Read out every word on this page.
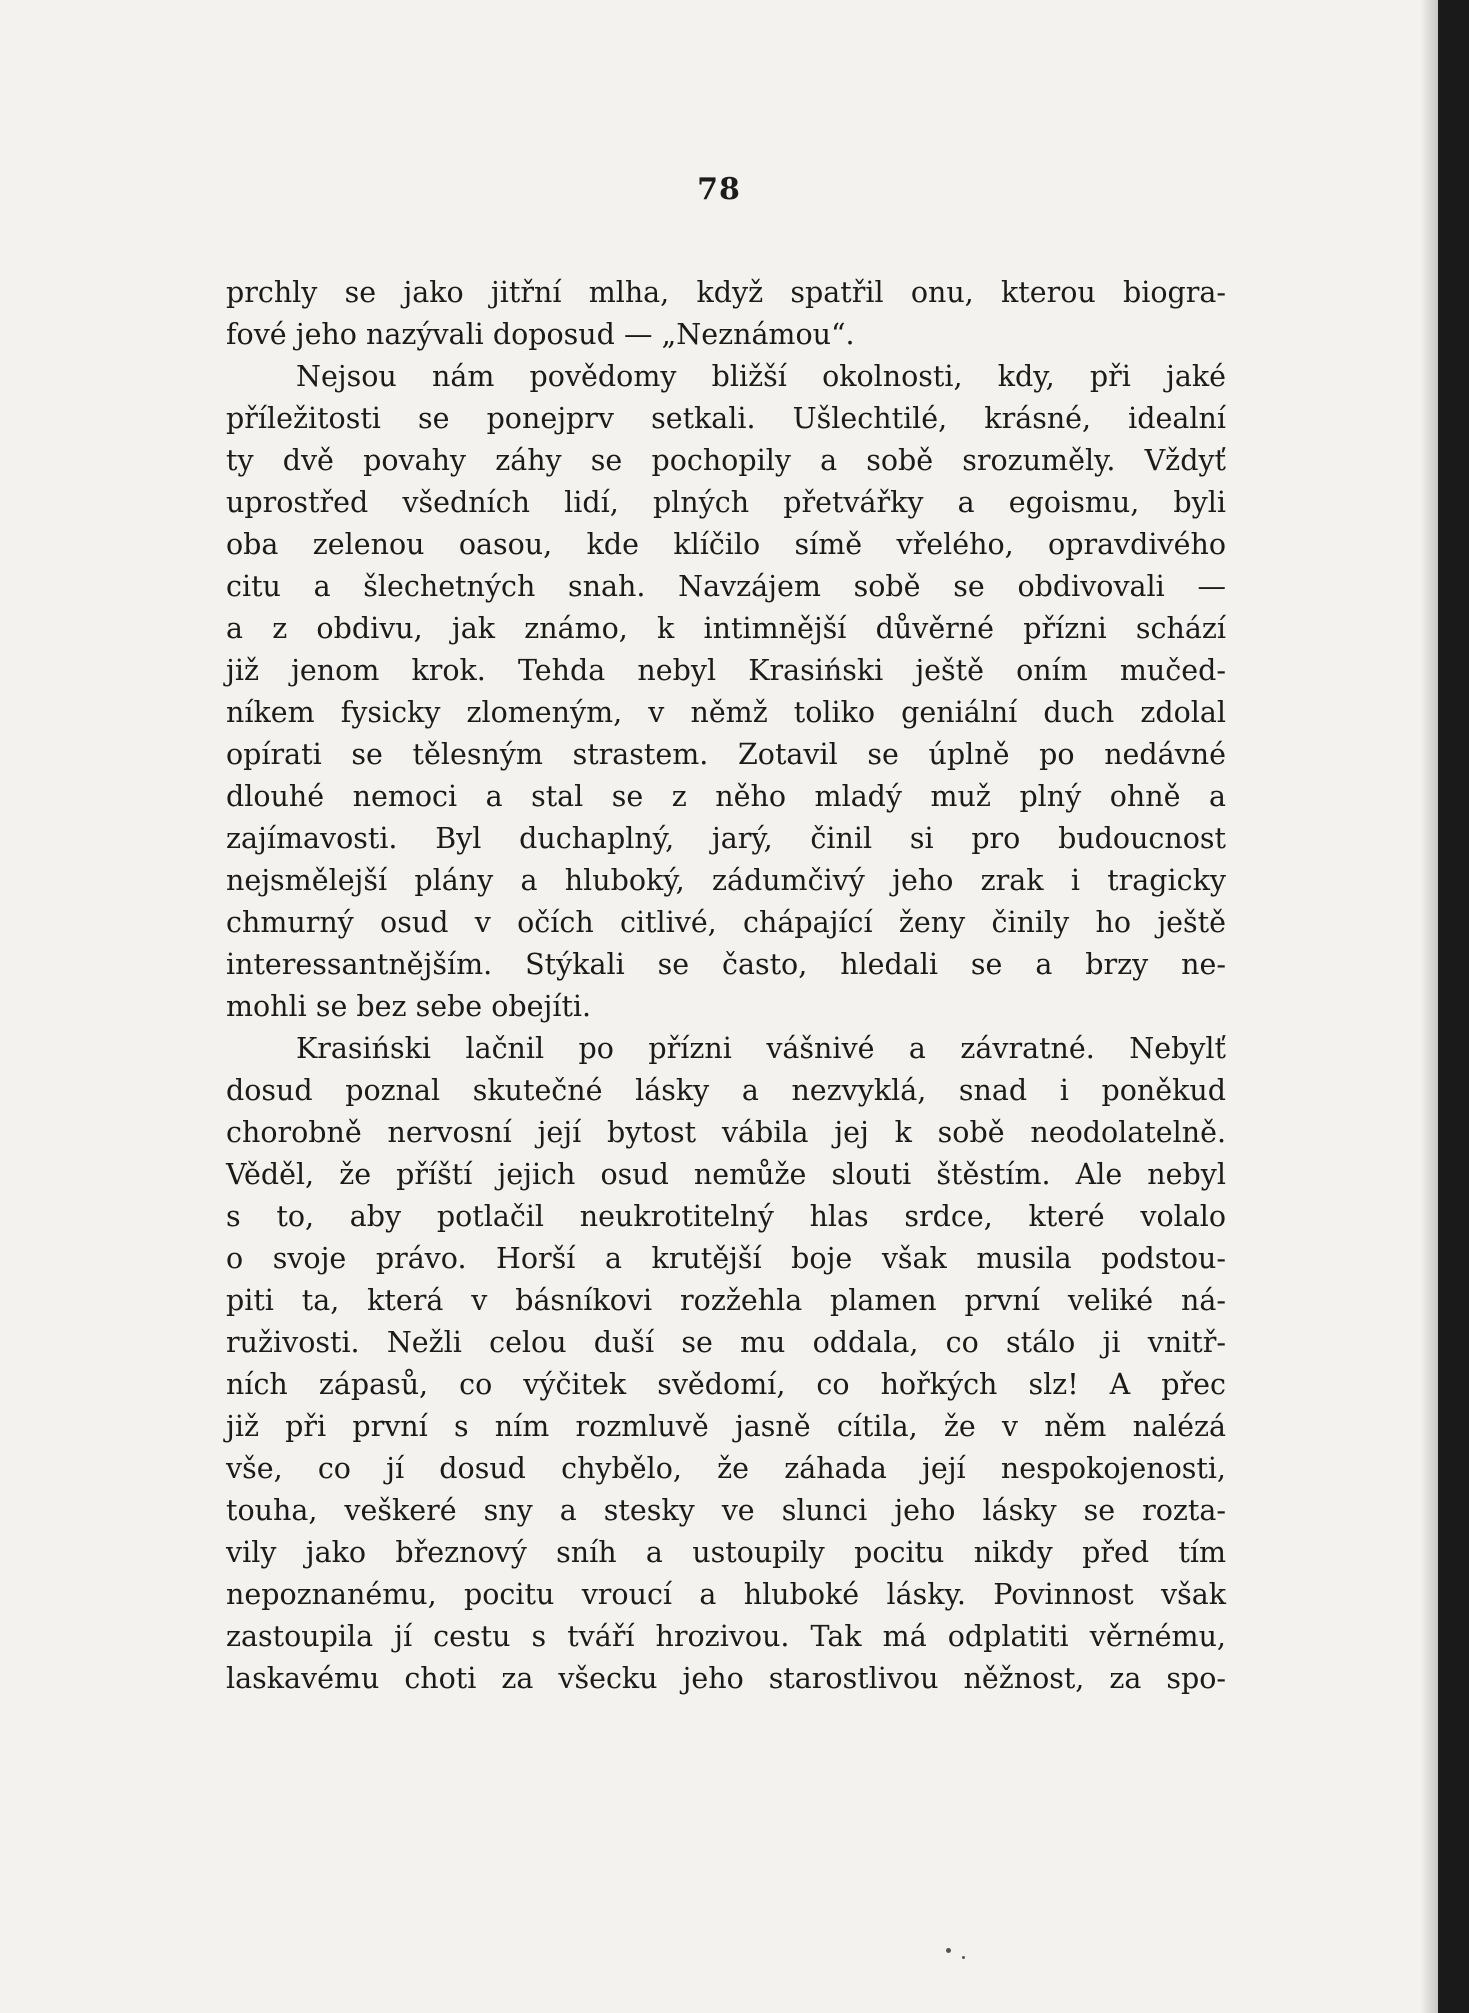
78
prchly se jako jitřní mlha, když spatřil onu, kterou biogra-
fové jeho nazývali doposud — „Neznámou“.
Nejsou nám povědomy bližší okolnosti, kdy, při jaké
příležitosti se ponejprv setkali. Ušlechtilé, krásné, idealní
ty dvě povahy záhy se pochopily a sobě srozuměly. Vždyť
uprostřed všedních lidí, plných přetvářky a egoismu, byli
oba zelenou oasou, kde klíčilo símě vřelého, opravdivého
citu a šlechetných snah. Navzájem sobě se obdivovali —
a z obdivu, jak známo, k intimnější důvěrné přízni schází
již jenom krok. Tehda nebyl Krasiński ještě oním mučed-
níkem fysicky zlomeným, v němž toliko geniální duch zdolal
opírati se tělesným strastem. Zotavil se úplně po nedávné
dlouhé nemoci a stal se z něho mladý muž plný ohně a
zajímavosti. Byl duchaplný, jarý, činil si pro budoucnost
nejsmělejší plány a hluboký, zádumčivý jeho zrak i tragicky
chmurný osud v očích citlivé, chápající ženy činily ho ještě
interessantnějším. Stýkali se často, hledali se a brzy ne-
mohli se bez sebe obejíti.
Krasiński lačnil po přízni vášnivé a závratné. Nebylť
dosud poznal skutečné lásky a nezvyklá, snad i poněkud
chorobně nervosní její bytost vábila jej k sobě neodolatelně.
Věděl, že příští jejich osud nemůže slouti štěstím. Ale nebyl
s to, aby potlačil neukrotitelný hlas srdce, které volalo
o svoje právo. Horší a krutější boje však musila podstou-
piti ta, která v básníkovi rozžehla plamen první veliké ná-
ruživosti. Nežli celou duší se mu oddala, co stálo ji vnitř-
ních zápasů, co výčitek svědomí, co hořkých slz! A přec
již při první s ním rozmluvě jasně cítila, že v něm nalézá
vše, co jí dosud chybělo, že záhada její nespokojenosti,
touha, veškeré sny a stesky ve slunci jeho lásky se rozta-
vily jako březnový sníh a ustoupily pocitu nikdy před tím
nepoznanému, pocitu vroucí a hluboké lásky. Povinnost však
zastoupila jí cestu s tváří hrozivou. Tak má odplatiti věrnému,
laskavému choti za všecku jeho starostlivou něžnost, za spo-
